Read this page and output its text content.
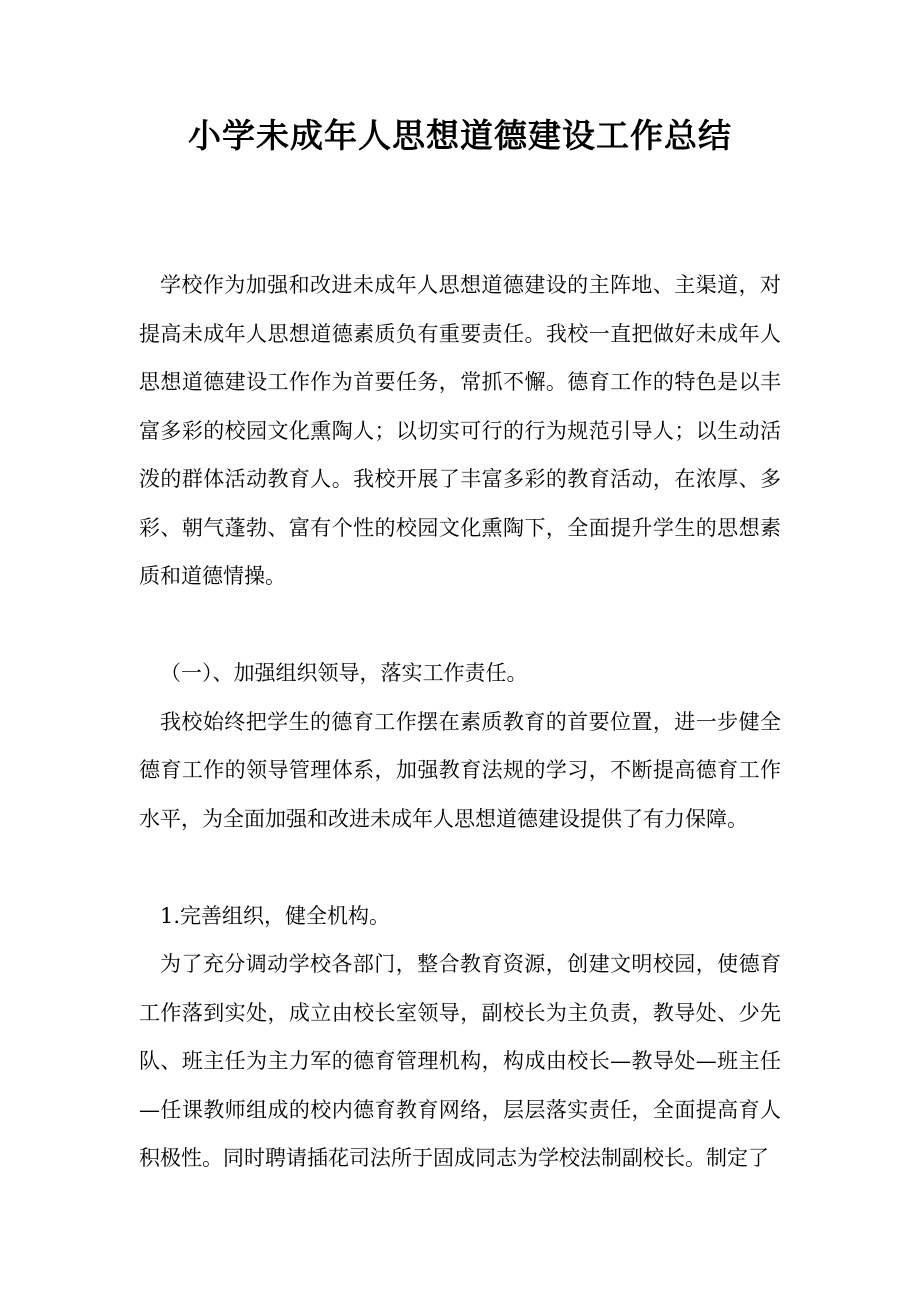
小学未成年人思想道德建设工作总结

学校作为加强和改进未成年人思想道德建设的主阵地、主渠道，对提高未成年人思想道德素质负有重要责任。我校一直把做好未成年人思想道德建设工作作为首要任务，常抓不懈。德育工作的特色是以丰富多彩的校园文化熏陶人；以切实可行的行为规范引导人；以生动活泼的群体活动教育人。我校开展了丰富多彩的教育活动，在浓厚、多彩、朝气蓬勃、富有个性的校园文化熏陶下，全面提升学生的思想素质和道德情操。

（一）、加强组织领导，落实工作责任。

我校始终把学生的德育工作摆在素质教育的首要位置，进一步健全德育工作的领导管理体系，加强教育法规的学习，不断提高德育工作水平，为全面加强和改进未成年人思想道德建设提供了有力保障。

1.完善组织，健全机构。

为了充分调动学校各部门，整合教育资源，创建文明校园，使德育工作落到实处，成立由校长室领导，副校长为主负责，教导处、少先队、班主任为主力军的德育管理机构，构成由校长—教导处—班主任—任课教师组成的校内德育教育网络，层层落实责任，全面提高育人积极性。同时聘请插花司法所于固成同志为学校法制副校长。制定了
